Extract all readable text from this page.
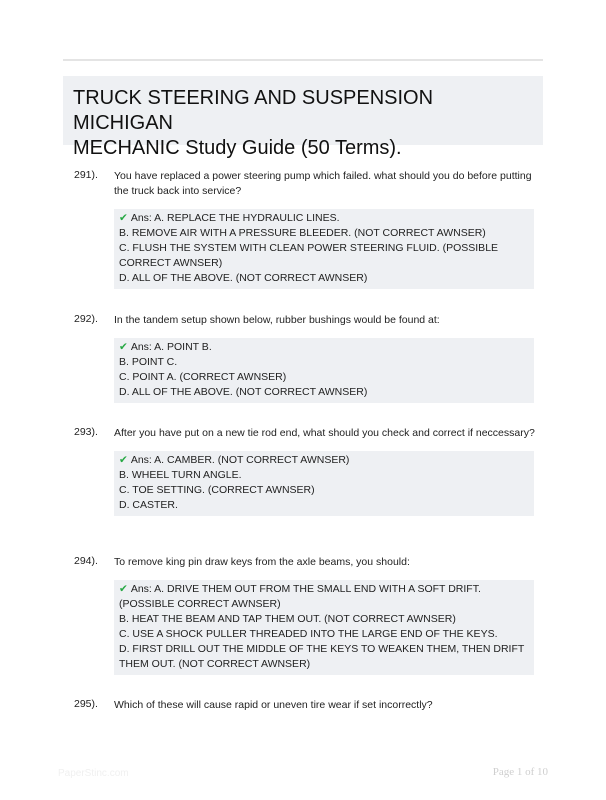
TRUCK STEERING AND SUSPENSION MICHIGAN
MECHANIC Study Guide (50 Terms).
291).	You have replaced a power steering pump which failed. what should you do before putting the truck back into service?

✔ Ans: A. REPLACE THE HYDRAULIC LINES.

B. REMOVE AIR WITH A PRESSURE BLEEDER. (NOT CORRECT AWNSER)

C. FLUSH THE SYSTEM WITH CLEAN POWER STEERING FLUID. (POSSIBLE CORRECT AWNSER)

D. ALL OF THE ABOVE. (NOT CORRECT AWNSER)

292).	In the tandem setup shown below, rubber bushings would be found at:

✔ Ans: A. POINT B.

B. POINT C.

C. POINT A. (CORRECT AWNSER)

D. ALL OF THE ABOVE. (NOT CORRECT AWNSER)

293).	After you have put on a new tie rod end, what should you check and correct if neccessary?

✔ Ans: A. CAMBER. (NOT CORRECT AWNSER)

B. WHEEL TURN ANGLE.

C. TOE SETTING. (CORRECT AWNSER)

D. CASTER.

294).	To remove king pin draw keys from the axle beams, you should:

✔ Ans: A. DRIVE THEM OUT FROM THE SMALL END WITH A SOFT DRIFT. (POSSIBLE CORRECT AWNSER)

B. HEAT THE BEAM AND TAP THEM OUT. (NOT CORRECT AWNSER)

C. USE A SHOCK PULLER THREADED INTO THE LARGE END OF THE KEYS.

D. FIRST DRILL OUT THE MIDDLE OF THE KEYS TO WEAKEN THEM, THEN DRIFT THEM OUT. (NOT CORRECT AWNSER)

295).	Which of these will cause rapid or uneven tire wear if set incorrectly?
PaperStinc.com	Page 1 of 10
